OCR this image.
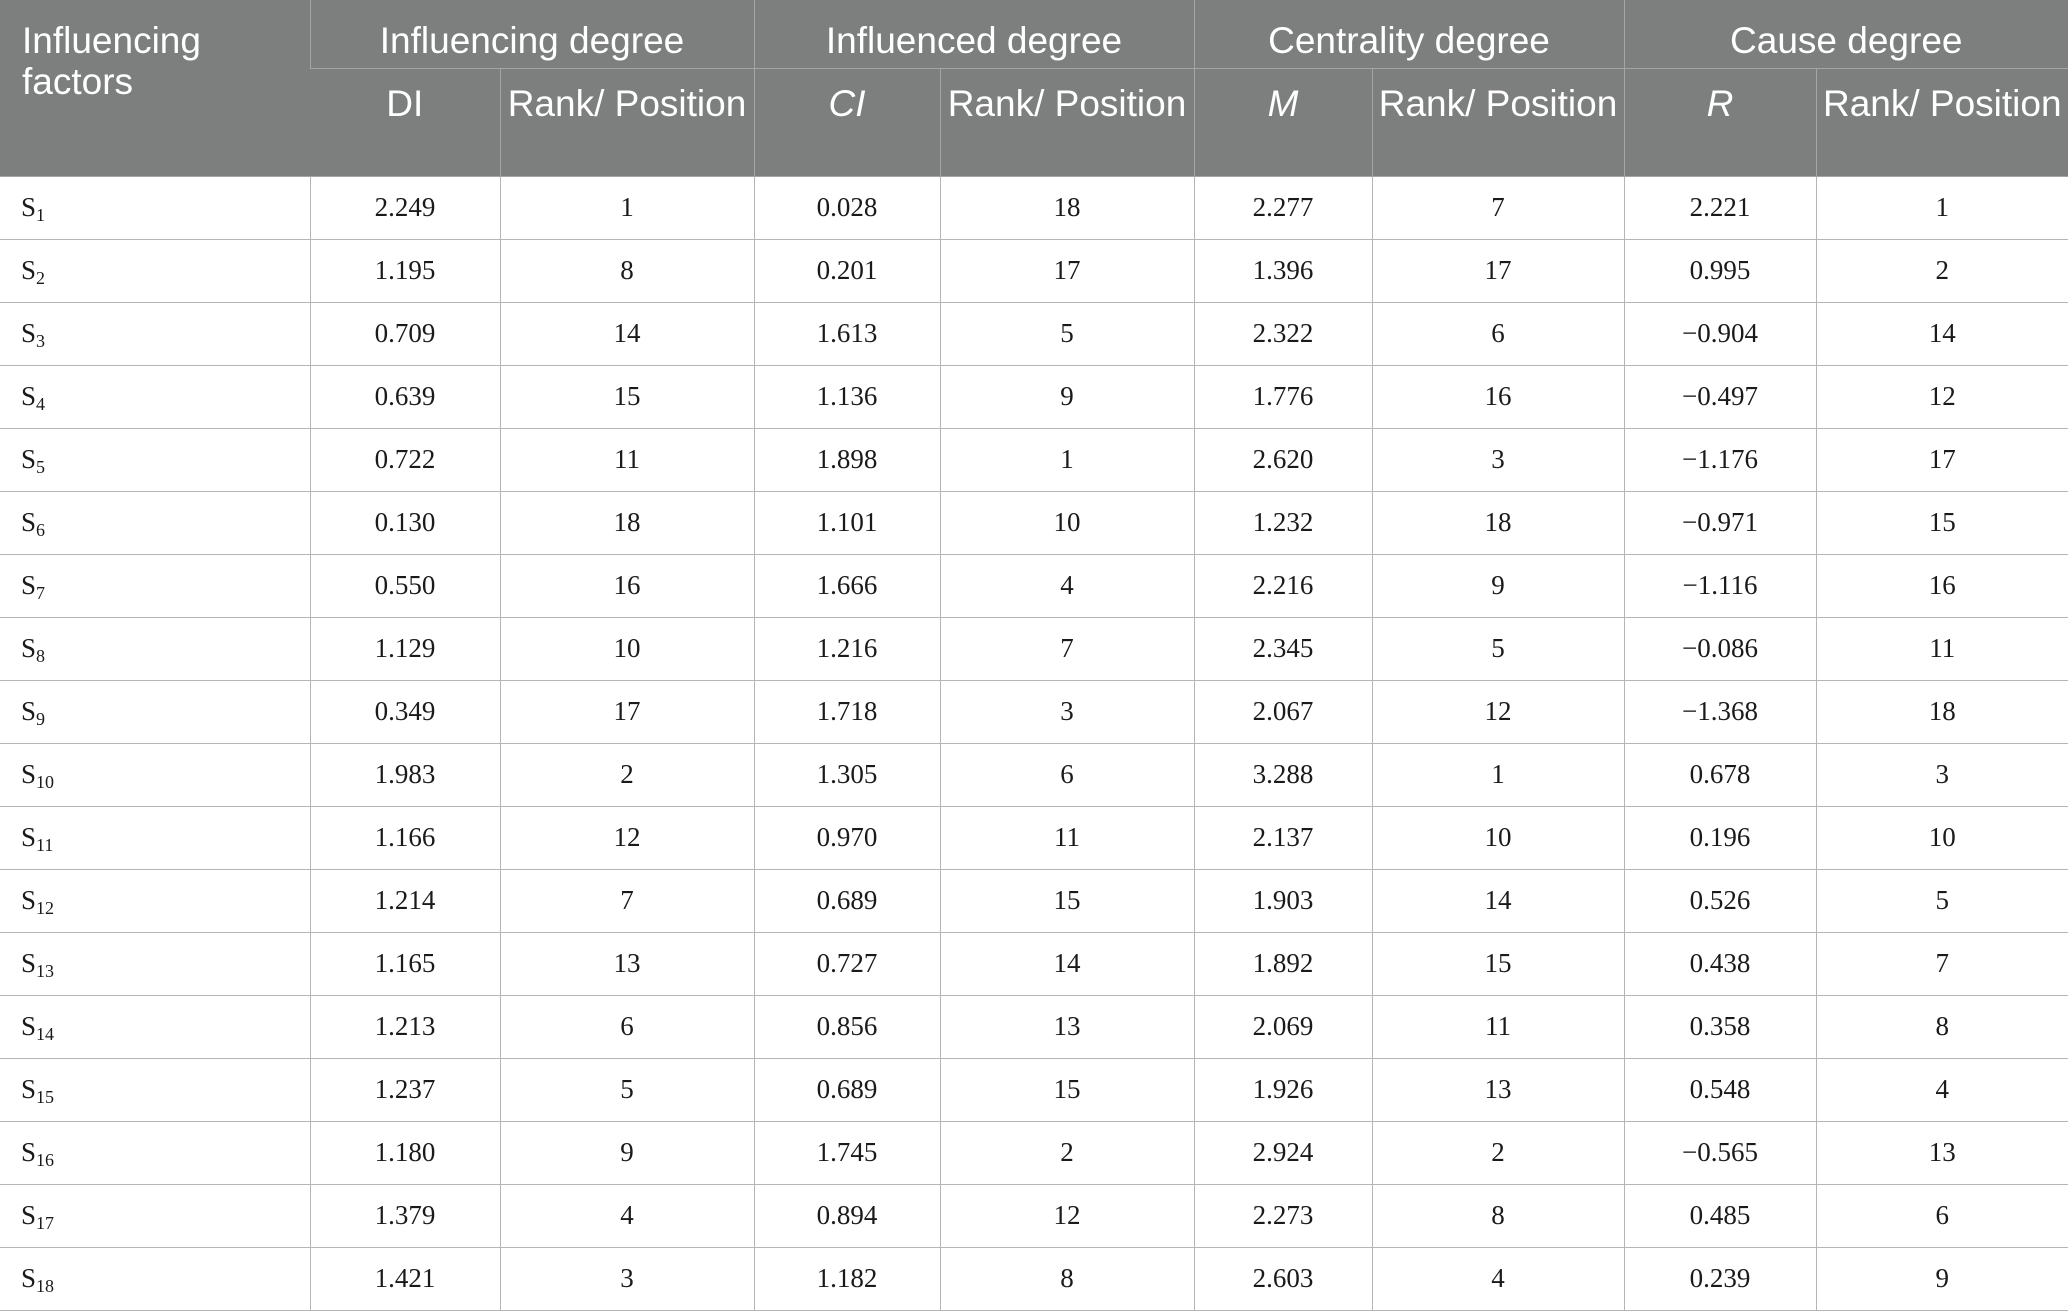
Influencing factors	Influencing degree		Influenced degree		Centrality degree		Cause degree	
	DI	Rank/ Position	CI	Rank/ Position	M	Rank/ Position	R	Rank/ Position
$S_1$	2.249	1	0.028	18	2.277	7	2.221	1
$S_2$	1.195	8	0.201	17	1.396	17	0.995	2
$S_3$	0.709	14	1.613	5	2.322	6	−0.904	14
$S_4$	0.639	15	1.136	9	1.776	16	−0.497	12
$S_5$	0.722	11	1.898	1	2.620	3	−1.176	17
$S_6$	0.130	18	1.101	10	1.232	18	−0.971	15
$S_7$	0.550	16	1.666	4	2.216	9	−1.116	16
$S_8$	1.129	10	1.216	7	2.345	5	−0.086	11
$S_9$	0.349	17	1.718	3	2.067	12	−1.368	18
$S_{10}$	1.983	2	1.305	6	3.288	1	0.678	3
$S_{11}$	1.166	12	0.970	11	2.137	10	0.196	10
$S_{12}$	1.214	7	0.689	15	1.903	14	0.526	5
$S_{13}$	1.165	13	0.727	14	1.892	15	0.438	7
$S_{14}$	1.213	6	0.856	13	2.069	11	0.358	8
$S_{15}$	1.237	5	0.689	15	1.926	13	0.548	4
$S_{16}$	1.180	9	1.745	2	2.924	2	−0.565	13
$S_{17}$	1.379	4	0.894	12	2.273	8	0.485	6
$S_{18}$	1.421	3	1.182	8	2.603	4	0.239	9
